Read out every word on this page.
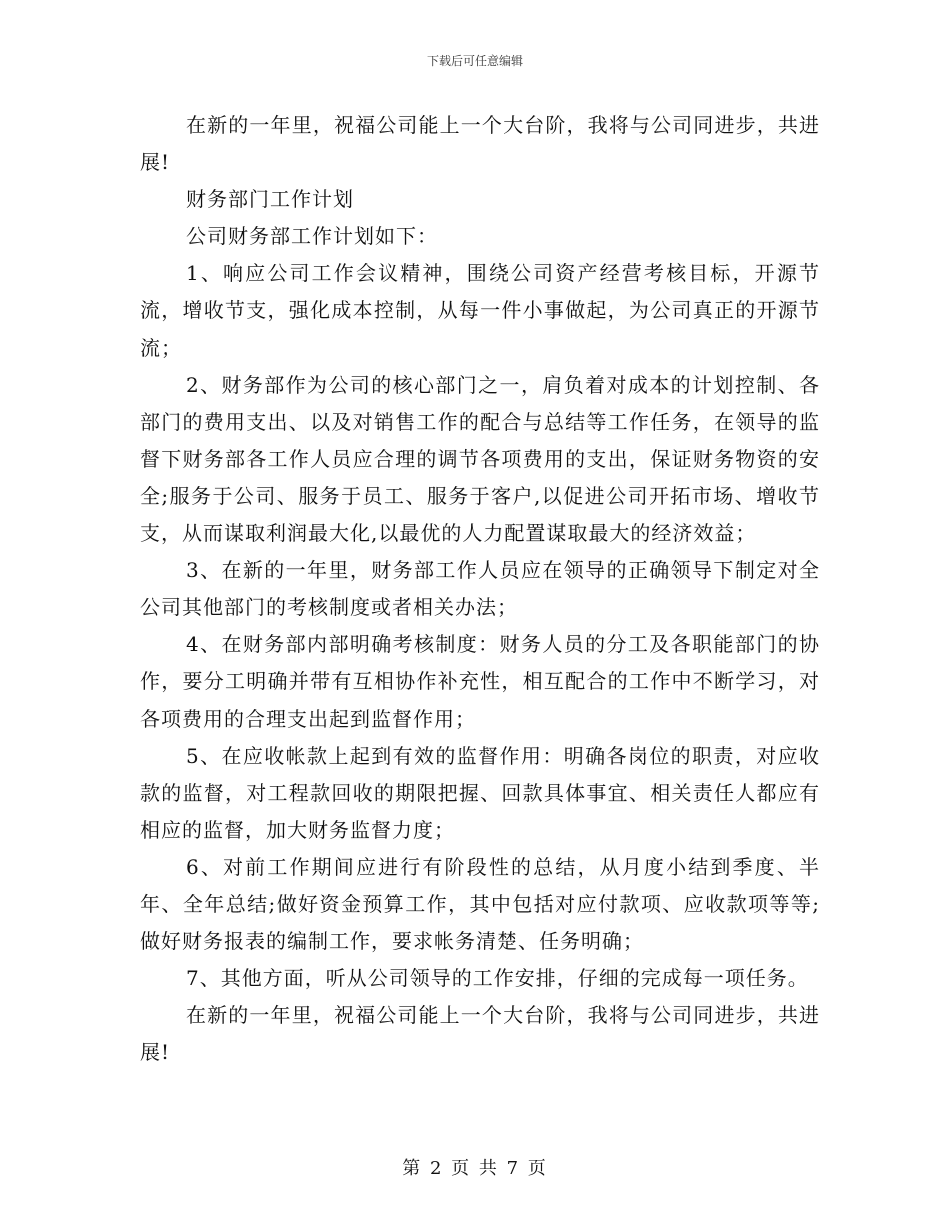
下载后可任意编辑

在新的一年里，祝福公司能上一个大台阶，我将与公司同进步，共进展!

财务部门工作计划

公司财务部工作计划如下：

1、响应公司工作会议精神，围绕公司资产经营考核目标，开源节流，增收节支，强化成本控制，从每一件小事做起，为公司真正的开源节流；

2、财务部作为公司的核心部门之一，肩负着对成本的计划控制、各部门的费用支出、以及对销售工作的配合与总结等工作任务，在领导的监督下财务部各工作人员应合理的调节各项费用的支出，保证财务物资的安全;服务于公司、服务于员工、服务于客户,以促进公司开拓市场、增收节支，从而谋取利润最大化,以最优的人力配置谋取最大的经济效益；

3、在新的一年里，财务部工作人员应在领导的正确领导下制定对全公司其他部门的考核制度或者相关办法；

4、在财务部内部明确考核制度：财务人员的分工及各职能部门的协作，要分工明确并带有互相协作补充性，相互配合的工作中不断学习，对各项费用的合理支出起到监督作用；

5、在应收帐款上起到有效的监督作用：明确各岗位的职责，对应收款的监督，对工程款回收的期限把握、回款具体事宜、相关责任人都应有相应的监督，加大财务监督力度；

6、对前工作期间应进行有阶段性的总结，从月度小结到季度、半年、全年总结;做好资金预算工作，其中包括对应付款项、应收款项等等;做好财务报表的编制工作，要求帐务清楚、任务明确；

7、其他方面，听从公司领导的工作安排，仔细的完成每一项任务。

在新的一年里，祝福公司能上一个大台阶，我将与公司同进步，共进展!

第 2 页 共 7 页
